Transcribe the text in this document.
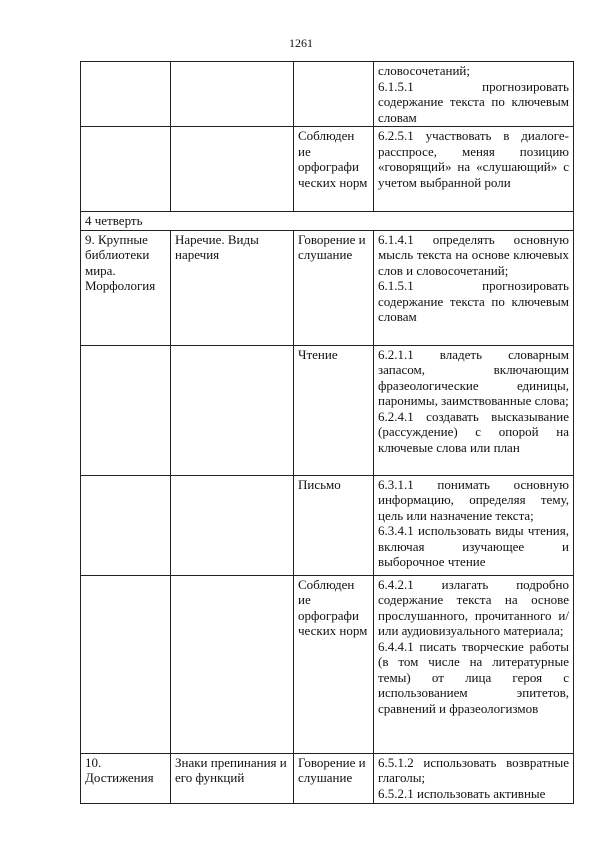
1261

			словосочетаний;

6.1.5.1 прогнозировать содержание текста по ключевым словам

		Соблюден ие орфографи ческих норм	6.2.5.1 участвовать в диалоге-расспросе, меняя позицию «говорящий» на «слушающий» с учетом выбранной роли

4 четверть			
9. Крупные библиотеки мира. Морфология	Наречие. Виды наречия	Говорение и слушание	6.1.4.1 определять основную мысль текста на основе ключевых слов и словосочетаний;

6.1.5.1 прогнозировать содержание текста по ключевым словам

		Чтение	6.2.1.1 владеть словарным запасом, включающим фразеологические единицы, паронимы, заимствованные слова;

6.2.4.1 создавать высказывание (рассуждение) с опорой на ключевые слова или план

		Письмо	6.3.1.1 понимать основную информацию, определяя тему, цель или назначение текста;

6.3.4.1 использовать виды чтения, включая изучающее и выборочное чтение

		Соблюден ие орфографи ческих норм	6.4.2.1 излагать подробно содержание текста на основе прослушанного, прочитанного и/или аудиовизуального материала;

6.4.4.1 писать творческие работы (в том числе на литературные темы) от лица героя с использованием эпитетов, сравнений и фразеологизмов

10. Достижения	Знаки препинания и его функций	Говорение и слушание	6.5.1.2 использовать возвратные глаголы;

6.5.2.1 использовать активные
